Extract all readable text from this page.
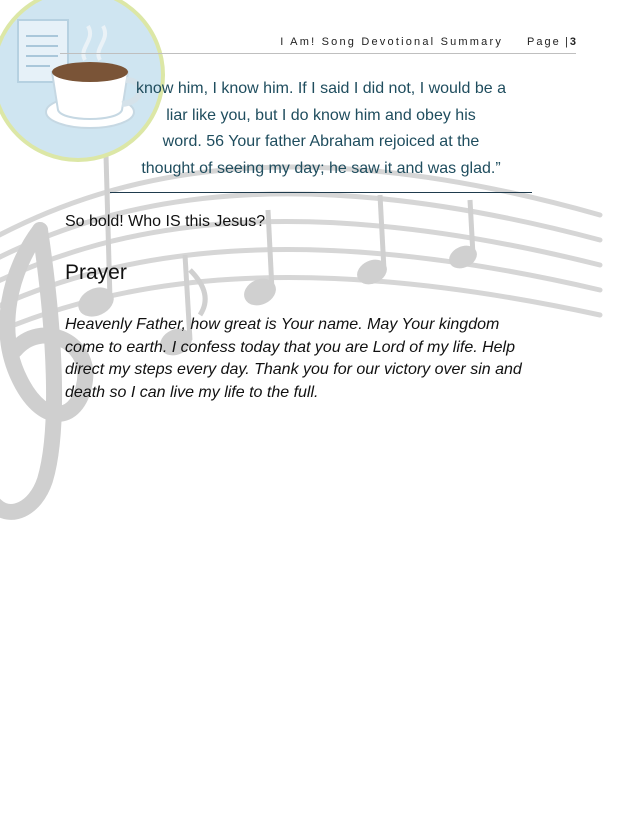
I Am! Song Devotional Summary Page | 3
know him, I know him. If I said I did not, I would be a
liar like you, but I do know him and obey his
word. 56 Your father Abraham rejoiced at the
thought of seeing my day; he saw it and was glad.”
So bold! Who IS this Jesus?
Prayer
Heavenly Father, how great is Your name. May Your kingdom
come to earth. I confess today that you are Lord of my life. Help
direct my steps every day. Thank you for our victory over sin and
death so I can live my life to the full.
